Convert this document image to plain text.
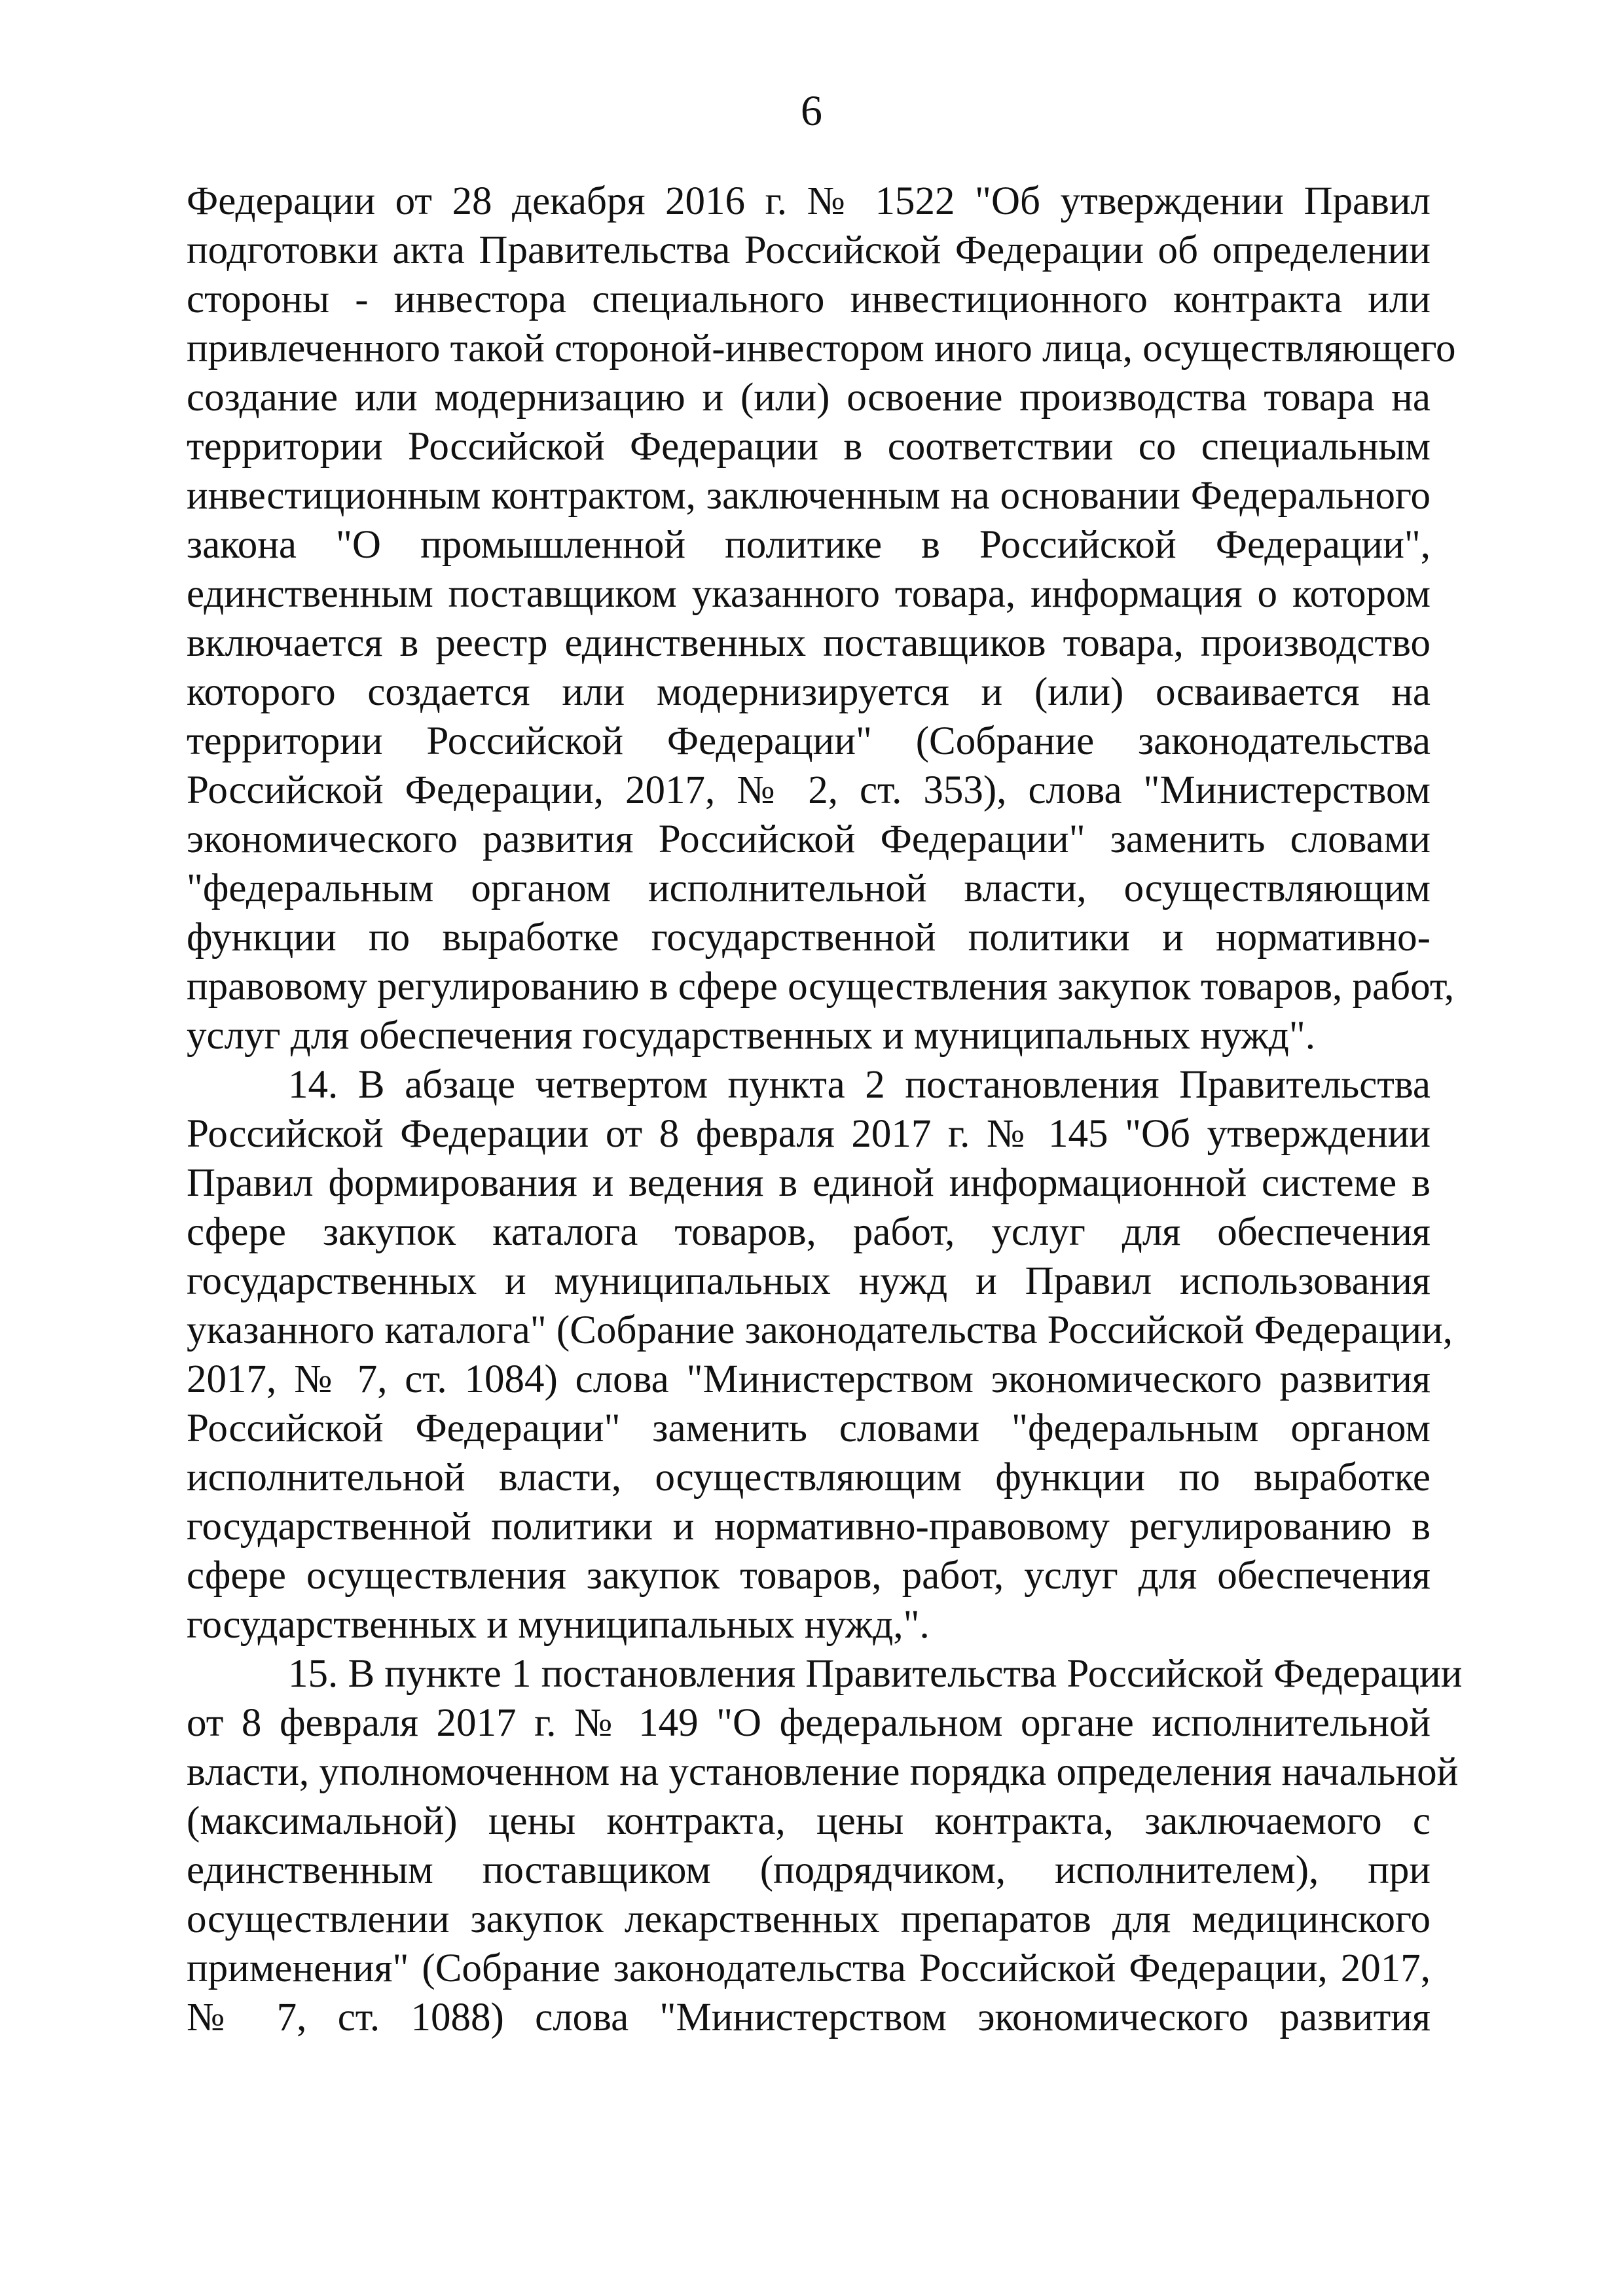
6
Федерации от 28 декабря 2016 г. № 1522 "Об утверждении Правил
подготовки акта Правительства Российской Федерации об определении
стороны - инвестора специального инвестиционного контракта или
привлеченного такой стороной-инвестором иного лица, осуществляющего
создание или модернизацию и (или) освоение производства товара на
территории Российской Федерации в соответствии со специальным
инвестиционным контрактом, заключенным на основании Федерального
закона "О промышленной политике в Российской Федерации",
единственным поставщиком указанного товара, информация о котором
включается в реестр единственных поставщиков товара, производство
которого создается или модернизируется и (или) осваивается на
территории Российской Федерации" (Собрание законодательства
Российской Федерации, 2017, № 2, ст. 353), слова "Министерством
экономического развития Российской Федерации" заменить словами
"федеральным органом исполнительной власти, осуществляющим
функции по выработке государственной политики и нормативно-
правовому регулированию в сфере осуществления закупок товаров, работ,
услуг для обеспечения государственных и муниципальных нужд".
14. В абзаце четвертом пункта 2 постановления Правительства
Российской Федерации от 8 февраля 2017 г. № 145 "Об утверждении
Правил формирования и ведения в единой информационной системе в
сфере закупок каталога товаров, работ, услуг для обеспечения
государственных и муниципальных нужд и Правил использования
указанного каталога" (Собрание законодательства Российской Федерации,
2017, № 7, ст. 1084) слова "Министерством экономического развития
Российской Федерации" заменить словами "федеральным органом
исполнительной власти, осуществляющим функции по выработке
государственной политики и нормативно-правовому регулированию в
сфере осуществления закупок товаров, работ, услуг для обеспечения
государственных и муниципальных нужд,".
15. В пункте 1 постановления Правительства Российской Федерации
от 8 февраля 2017 г. № 149 "О федеральном органе исполнительной
власти, уполномоченном на установление порядка определения начальной
(максимальной) цены контракта, цены контракта, заключаемого с
единственным поставщиком (подрядчиком, исполнителем), при
осуществлении закупок лекарственных препаратов для медицинского
применения" (Собрание законодательства Российской Федерации, 2017,
№ 7, ст. 1088) слова "Министерством экономического развития
